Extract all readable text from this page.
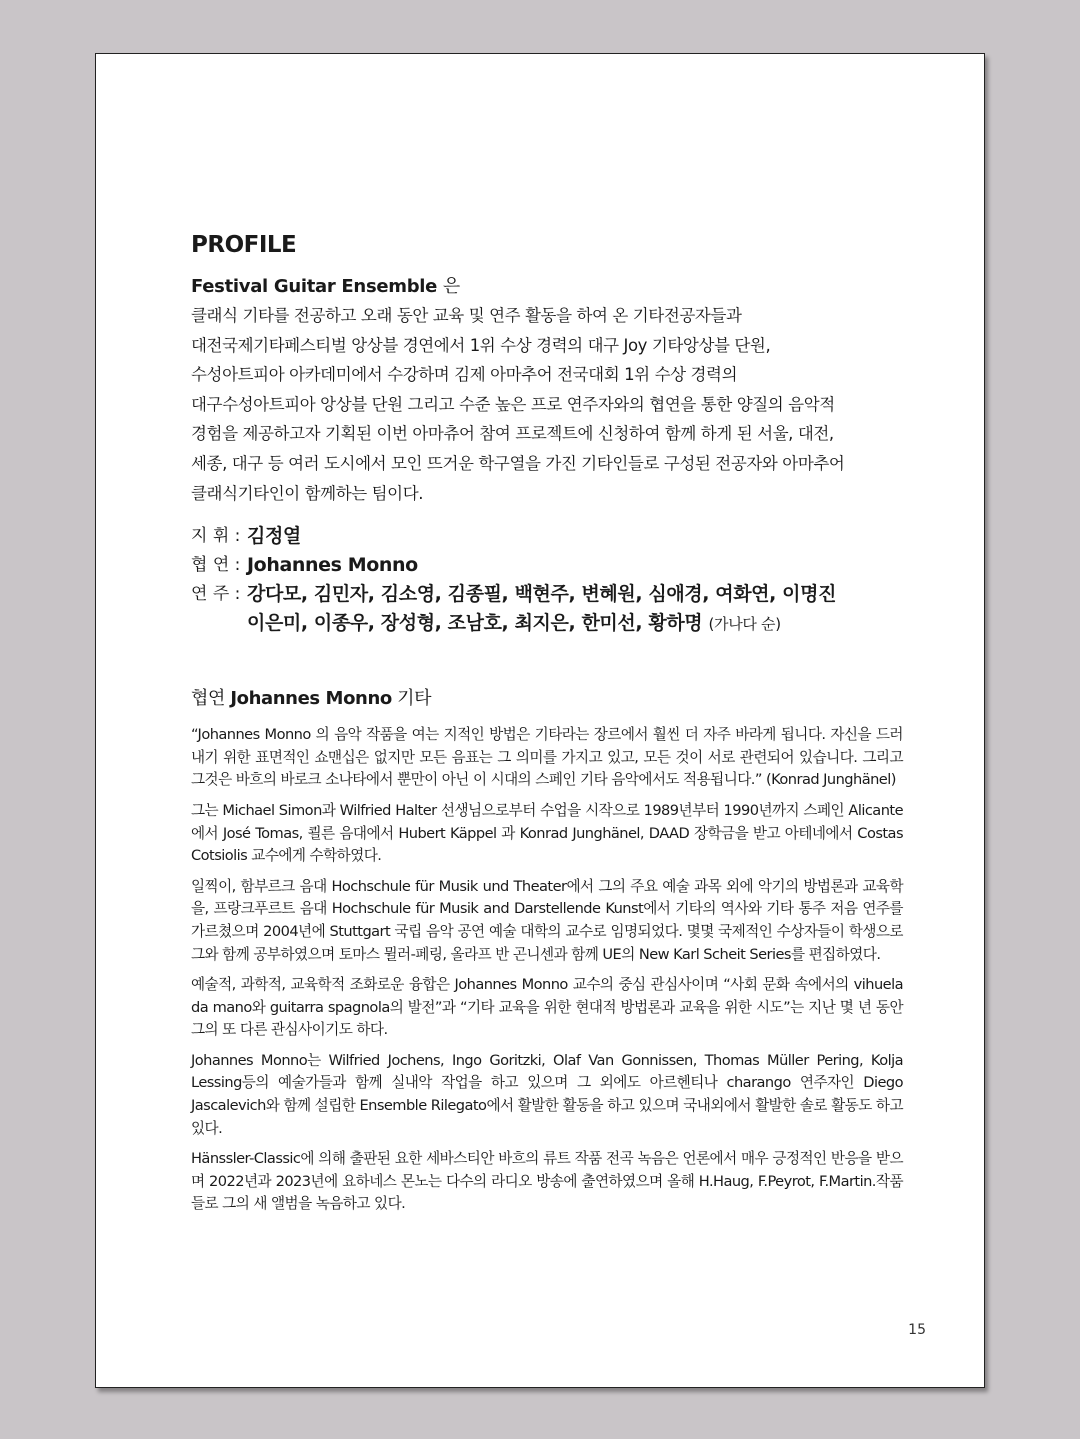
PROFILE
Festival Guitar Ensemble 은
클래식 기타를 전공하고 오래 동안 교육 및 연주 활동을 하여 온 기타전공자들과
대전국제기타페스티벌 앙상블 경연에서 1위 수상 경력의 대구 Joy 기타앙상블 단원,
수성아트피아 아카데미에서 수강하며 김제 아마추어 전국대회 1위 수상 경력의
대구수성아트피아 앙상블 단원 그리고 수준 높은 프로 연주자와의 협연을 통한 양질의 음악적
경험을 제공하고자 기획된 이번 아마츄어 참여 프로젝트에 신청하여 함께 하게 된 서울, 대전,
세종, 대구 등 여러 도시에서 모인 뜨거운 학구열을 가진 기타인들로 구성된 전공자와 아마추어
클래식기타인이 함께하는 팀이다.
지 휘 : 김정열
협 연 : Johannes Monno
연 주 : 강다모, 김민자, 김소영, 김종필, 백현주, 변혜원, 심애경, 여화연, 이명진
이은미, 이종우, 장성형, 조남호, 최지은, 한미선, 황하명 (가나다 순)
협연 Johannes Monno 기타

“Johannes Monno 의 음악 작품을 여는 지적인 방법은 기타라는 장르에서 훨씬 더 자주 바라게 됩니다. 자신을 드러내기 위한 표면적인 쇼맨십은 없지만 모든 음표는 그 의미를 가지고 있고, 모든 것이 서로 관련되어 있습니다. 그리고 그것은 바흐의 바로크 소나타에서 뿐만이 아닌 이 시대의 스페인 기타 음악에서도 적용됩니다.” (Konrad Junghänel)

그는 Michael Simon과 Wilfried Halter 선생님으로부터 수업을 시작으로 1989년부터 1990년까지 스페인 Alicante에서 José Tomas, 쾰른 음대에서 Hubert Käppel 과 Konrad Junghänel, DAAD 장학금을 받고 아테네에서 Costas Cotsiolis 교수에게 수학하였다.

일찍이, 함부르크 음대 Hochschule für Musik und Theater에서 그의 주요 예술 과목 외에 악기의 방법론과 교육학을, 프랑크푸르트 음대 Hochschule für Musik and Darstellende Kunst에서 기타의 역사와 기타 통주 저음 연주를 가르쳤으며 2004년에 Stuttgart 국립 음악 공연 예술 대학의 교수로 임명되었다. 몇몇 국제적인 수상자들이 학생으로 그와 함께 공부하였으며 토마스 뮐러-페링, 올라프 반 곤니센과 함께 UE의 New Karl Scheit Series를 편집하였다.

예술적, 과학적, 교육학적 조화로운 융합은 Johannes Monno 교수의 중심 관심사이며 “사회 문화 속에서의 vihuela da mano와 guitarra spagnola의 발전”과 “기타 교육을 위한 현대적 방법론과 교육을 위한 시도”는 지난 몇 년 동안 그의 또 다른 관심사이기도 하다.

Johannes Monno는 Wilfried Jochens, Ingo Goritzki, Olaf Van Gonnissen, Thomas Müller Pering, Kolja Lessing등의 예술가들과 함께 실내악 작업을 하고 있으며 그 외에도 아르헨티나 charango 연주자인 Diego Jascalevich와 함께 설립한 Ensemble Rilegato에서 활발한 활동을 하고 있으며 국내외에서 활발한 솔로 활동도 하고 있다.

Hänssler-Classic에 의해 출판된 요한 세바스티안 바흐의 류트 작품 전곡 녹음은 언론에서 매우 긍정적인 반응을 받으며 2022년과 2023년에 요하네스 몬노는 다수의 라디오 방송에 출연하였으며 올해 H.Haug, F.Peyrot, F.Martin.작품들로 그의 새 앨범을 녹음하고 있다.

15
